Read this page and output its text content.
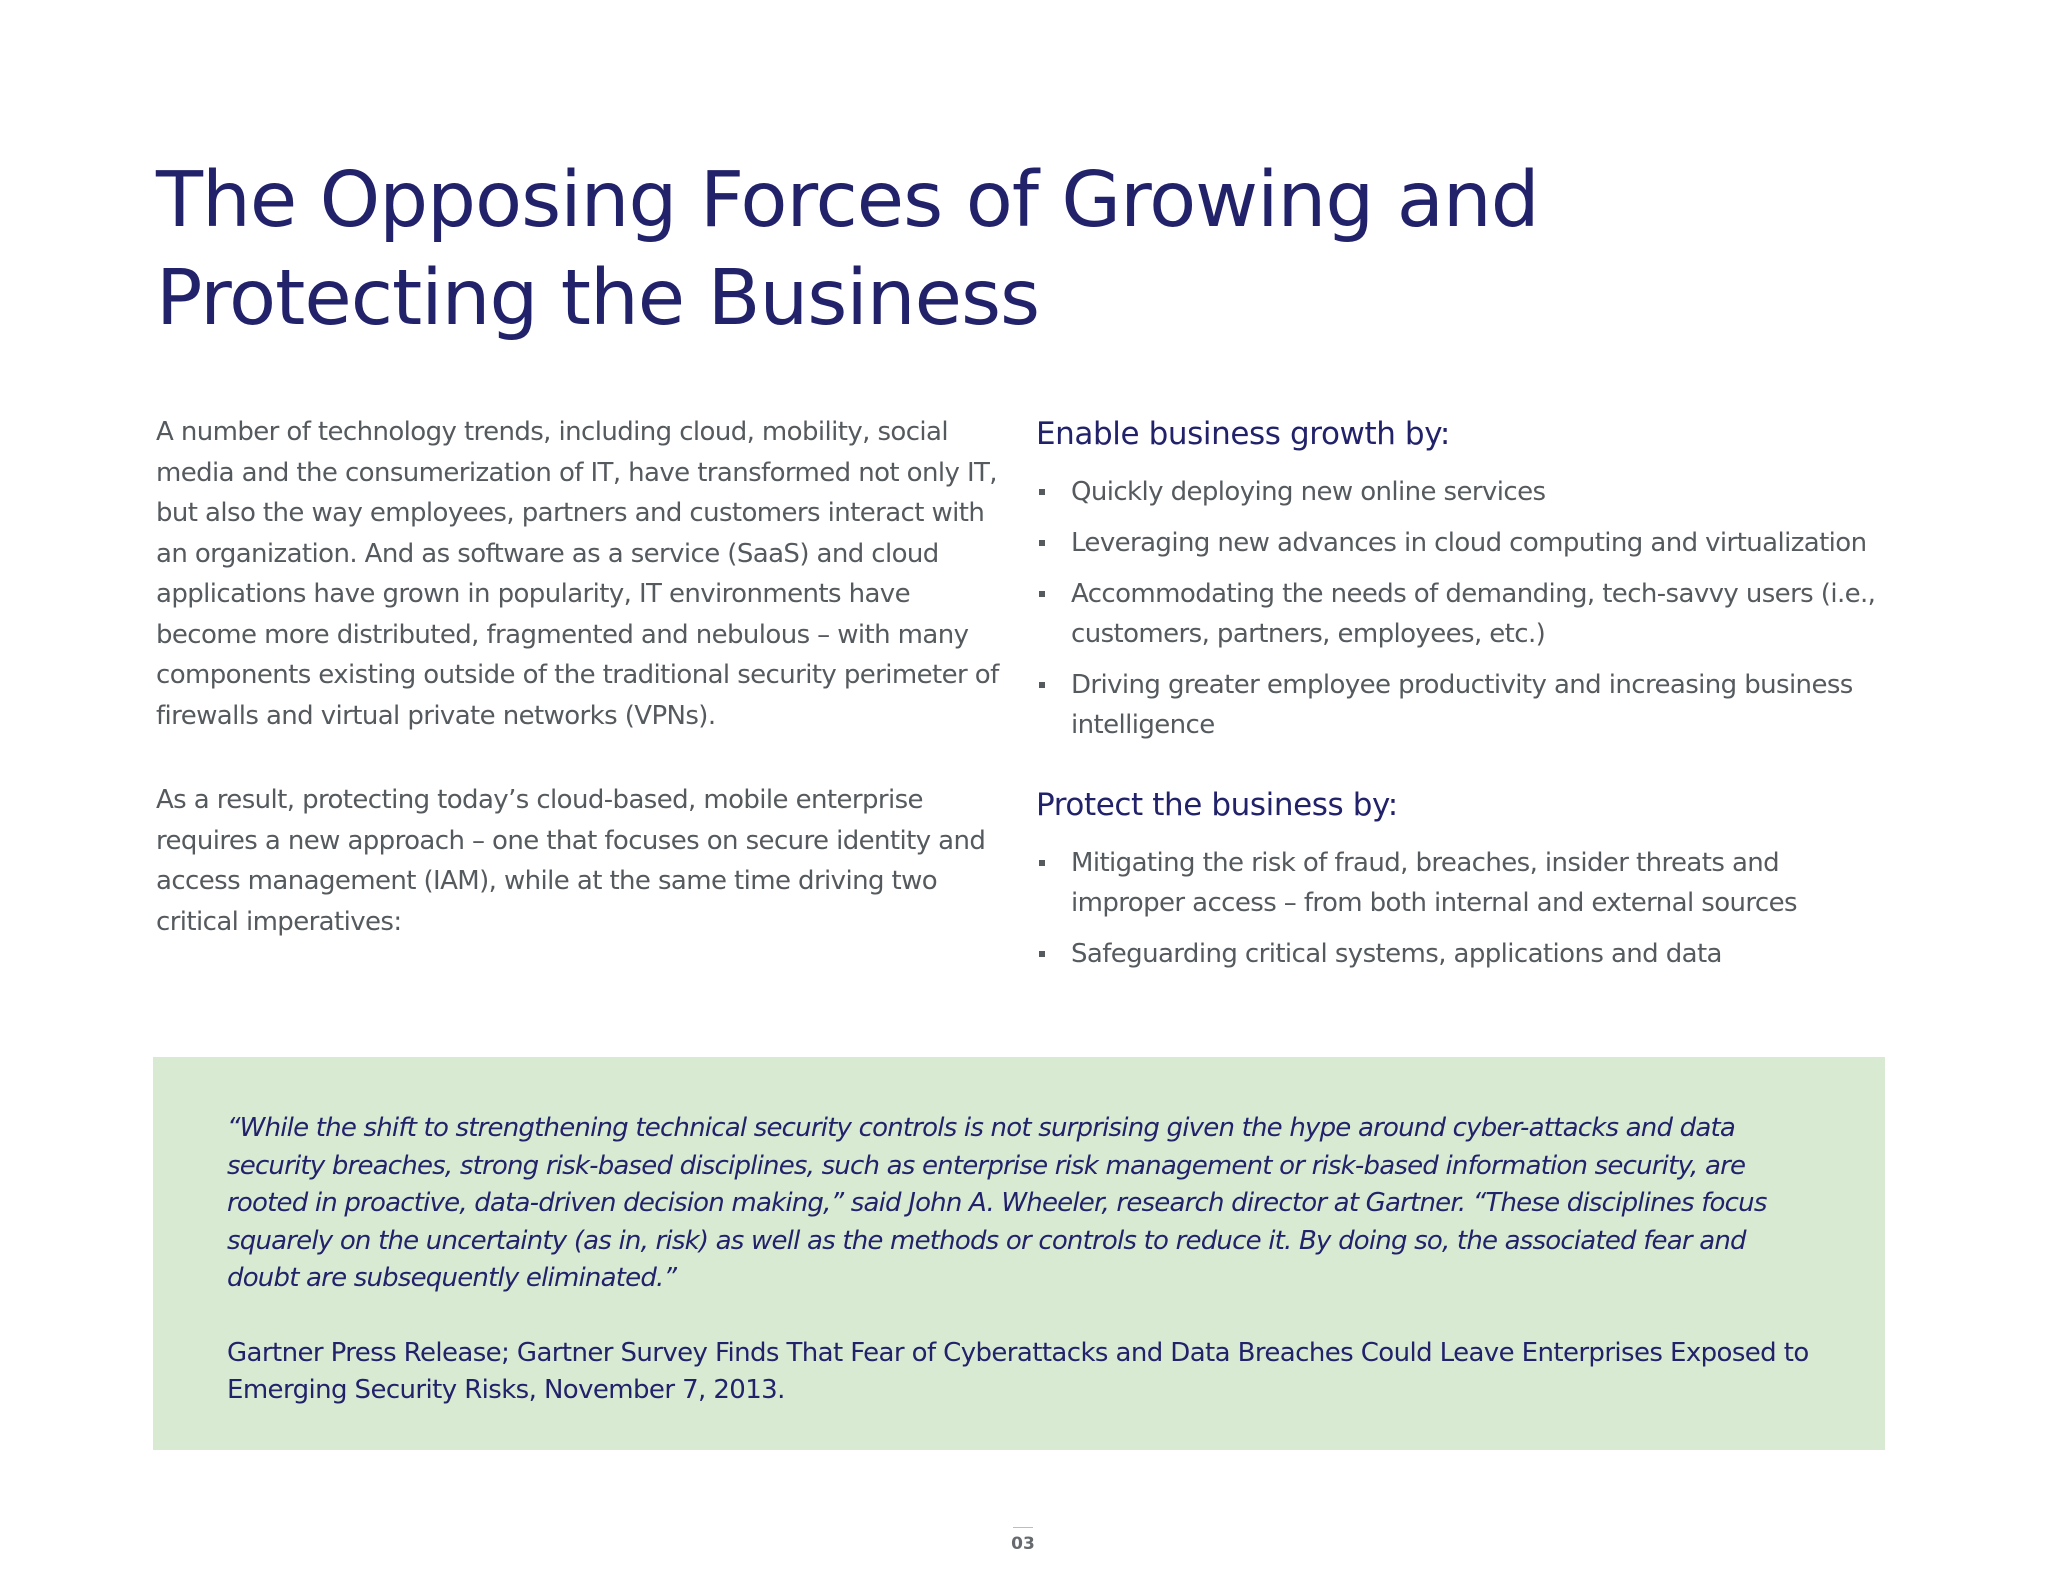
The Opposing Forces of Growing and
Protecting the Business

A number of technology trends, including cloud, mobility, social media and the consumerization of IT, have transformed not only IT, but also the way employees, partners and customers interact with an organization. And as software as a service (SaaS) and cloud applications have grown in popularity, IT environments have become more distributed, fragmented and nebulous – with many components existing outside of the traditional security perimeter of firewalls and virtual private networks (VPNs).

As a result, protecting today’s cloud-based, mobile enterprise requires a new approach – one that focuses on secure identity and access management (IAM), while at the same time driving two critical imperatives:

Enable business growth by:
Quickly deploying new online services
Leveraging new advances in cloud computing and virtualization
Accommodating the needs of demanding, tech-savvy users (i.e., customers, partners, employees, etc.)
Driving greater employee productivity and increasing business intelligence
Protect the business by:
Mitigating the risk of fraud, breaches, insider threats and improper access – from both internal and external sources
Safeguarding critical systems, applications and data

“While the shift to strengthening technical security controls is not surprising given the hype around cyber-attacks and data security breaches, strong risk-based disciplines, such as enterprise risk management or risk-based information security, are rooted in proactive, data-driven decision making,” said John A. Wheeler, research director at Gartner. “These disciplines focus squarely on the uncertainty (as in, risk) as well as the methods or controls to reduce it. By doing so, the associated fear and doubt are subsequently eliminated.”

Gartner Press Release; Gartner Survey Finds That Fear of Cyberattacks and Data Breaches Could Leave Enterprises Exposed to Emerging Security Risks, November 7, 2013.

03
